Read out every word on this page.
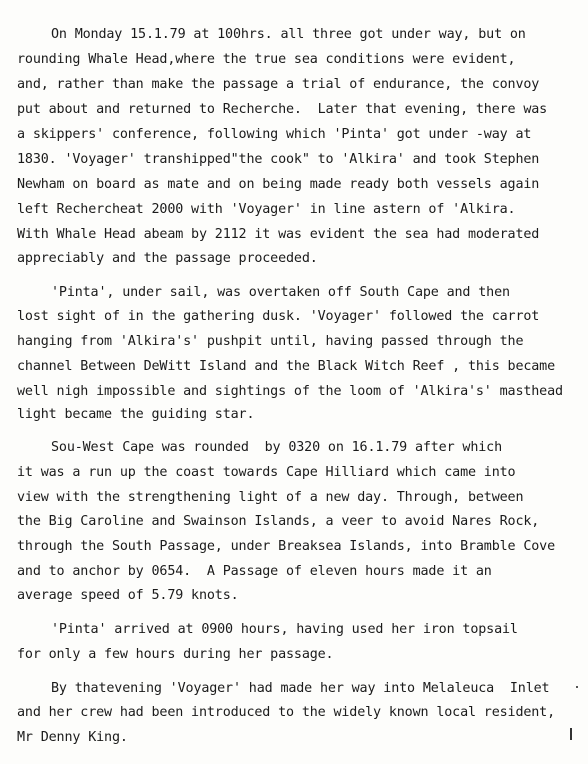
On Monday 15.1.79 at 100hrs. all three got under way, but on
rounding Whale Head,where the true sea conditions were evident,
and, rather than make the passage a trial of endurance, the convoy
put about and returned to Recherche.  Later that evening, there was
a skippers' conference, following which 'Pinta' got under -way at
1830. 'Voyager' transhipped"the cook" to 'Alkira' and took Stephen
Newham on board as mate and on being made ready both vessels again
left Rechercheat 2000 with 'Voyager' in line astern of 'Alkira.
With Whale Head abeam by 2112 it was evident the sea had moderated
appreciably and the passage proceeded.
'Pinta', under sail, was overtaken off South Cape and then
lost sight of in the gathering dusk. 'Voyager' followed the carrot
hanging from 'Alkira's' pushpit until, having passed through the
channel Between DeWitt Island and the Black Witch Reef , this became
well nigh impossible and sightings of the loom of 'Alkira's' masthead
light became the guiding star.
Sou-West Cape was rounded  by 0320 on 16.1.79 after which
it was a run up the coast towards Cape Hilliard which came into
view with the strengthening light of a new day. Through, between
the Big Caroline and Swainson Islands, a veer to avoid Nares Rock,
through the South Passage, under Breaksea Islands, into Bramble Cove
and to anchor by 0654.  A Passage of eleven hours made it an
average speed of 5.79 knots.
'Pinta' arrived at 0900 hours, having used her iron topsail
for only a few hours during her passage.
By thatevening 'Voyager' had made her way into Melaleuca  Inlet
and her crew had been introduced to the widely known local resident,
Mr Denny King.
